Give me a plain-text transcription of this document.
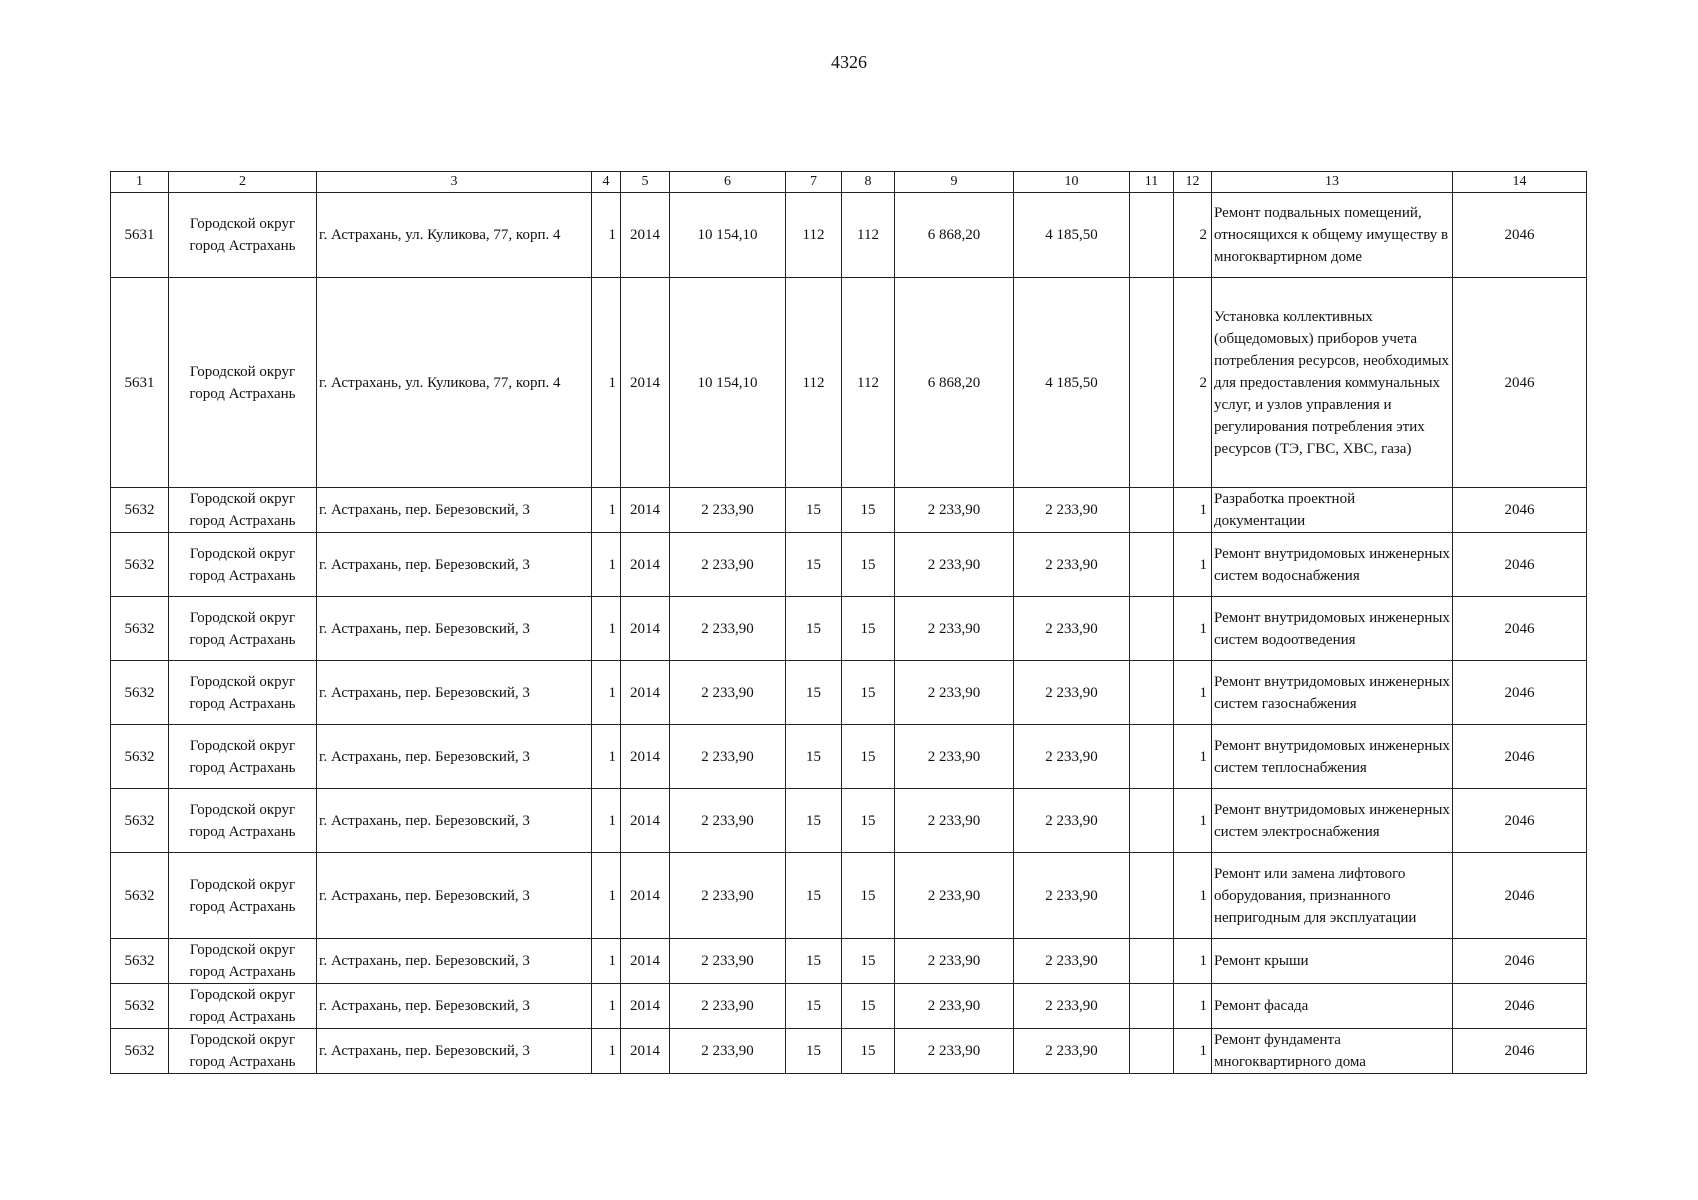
4326
1	2	3	4	5	6	7	8	9	10	11	12	13	14
5631	Городской округ город Астрахань	г. Астрахань, ул. Куликова, 77, корп. 4	1	2014	10 154,10	112	112	6 868,20	4 185,50		2	Ремонт подвальных помещений, относящихся к общему имуществу в многоквартирном доме	2046
5631	Городской округ город Астрахань	г. Астрахань, ул. Куликова, 77, корп. 4	1	2014	10 154,10	112	112	6 868,20	4 185,50		2	Установка коллективных (общедомовых) приборов учета потребления ресурсов, необходимых для предоставления коммунальных услуг, и узлов управления и регулирования потребления этих ресурсов (ТЭ, ГВС, ХВС, газа)	2046
5632	Городской округ город Астрахань	г. Астрахань, пер. Березовский, 3	1	2014	2 233,90	15	15	2 233,90	2 233,90		1	Разработка проектной документации	2046
5632	Городской округ город Астрахань	г. Астрахань, пер. Березовский, 3	1	2014	2 233,90	15	15	2 233,90	2 233,90		1	Ремонт внутридомовых инженерных систем водоснабжения	2046
5632	Городской округ город Астрахань	г. Астрахань, пер. Березовский, 3	1	2014	2 233,90	15	15	2 233,90	2 233,90		1	Ремонт внутридомовых инженерных систем водоотведения	2046
5632	Городской округ город Астрахань	г. Астрахань, пер. Березовский, 3	1	2014	2 233,90	15	15	2 233,90	2 233,90		1	Ремонт внутридомовых инженерных систем газоснабжения	2046
5632	Городской округ город Астрахань	г. Астрахань, пер. Березовский, 3	1	2014	2 233,90	15	15	2 233,90	2 233,90		1	Ремонт внутридомовых инженерных систем теплоснабжения	2046
5632	Городской округ город Астрахань	г. Астрахань, пер. Березовский, 3	1	2014	2 233,90	15	15	2 233,90	2 233,90		1	Ремонт внутридомовых инженерных систем электроснабжения	2046
5632	Городской округ город Астрахань	г. Астрахань, пер. Березовский, 3	1	2014	2 233,90	15	15	2 233,90	2 233,90		1	Ремонт или замена лифтового оборудования, признанного непригодным для эксплуатации	2046
5632	Городской округ город Астрахань	г. Астрахань, пер. Березовский, 3	1	2014	2 233,90	15	15	2 233,90	2 233,90		1	Ремонт крыши	2046
5632	Городской округ город Астрахань	г. Астрахань, пер. Березовский, 3	1	2014	2 233,90	15	15	2 233,90	2 233,90		1	Ремонт фасада	2046
5632	Городской округ город Астрахань	г. Астрахань, пер. Березовский, 3	1	2014	2 233,90	15	15	2 233,90	2 233,90		1	Ремонт фундамента многоквартирного дома	2046
